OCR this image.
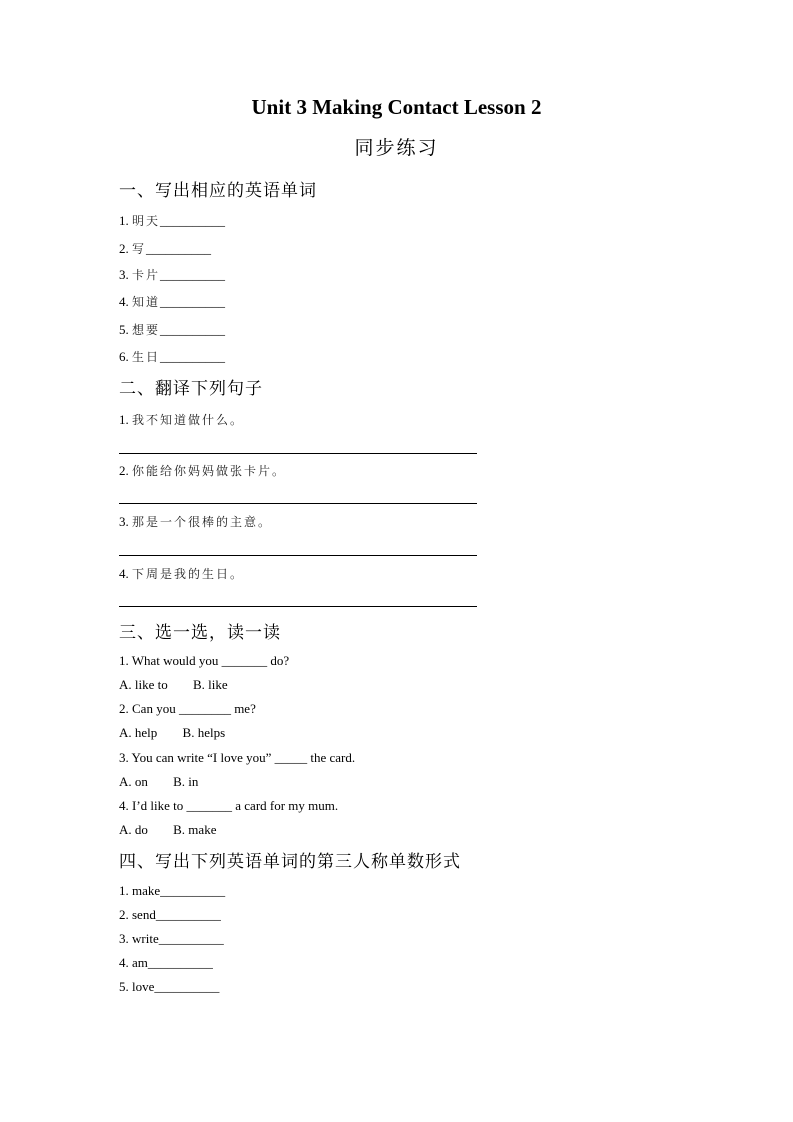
Unit 3 Making Contact Lesson 2
同步练习
一、写出相应的英语单词
1. 明天__________
2. 写__________
3. 卡片__________
4. 知道__________
5. 想要__________
6. 生日__________
二、翻译下列句子
1. 我不知道做什么。
2. 你能给你妈妈做张卡片。
3. 那是一个很棒的主意。
4. 下周是我的生日。
三、选一选，读一读
1. What would you _______ do?
A. like to B. like
2. Can you ________ me?
A. help B. helps
3. You can write “I love you” _____ the card.
A. on B. in
4. I’d like to _______ a card for my mum.
A. do B. make
四、写出下列英语单词的第三人称单数形式
1. make__________
2. send__________
3. write__________
4. am__________
5. love__________
